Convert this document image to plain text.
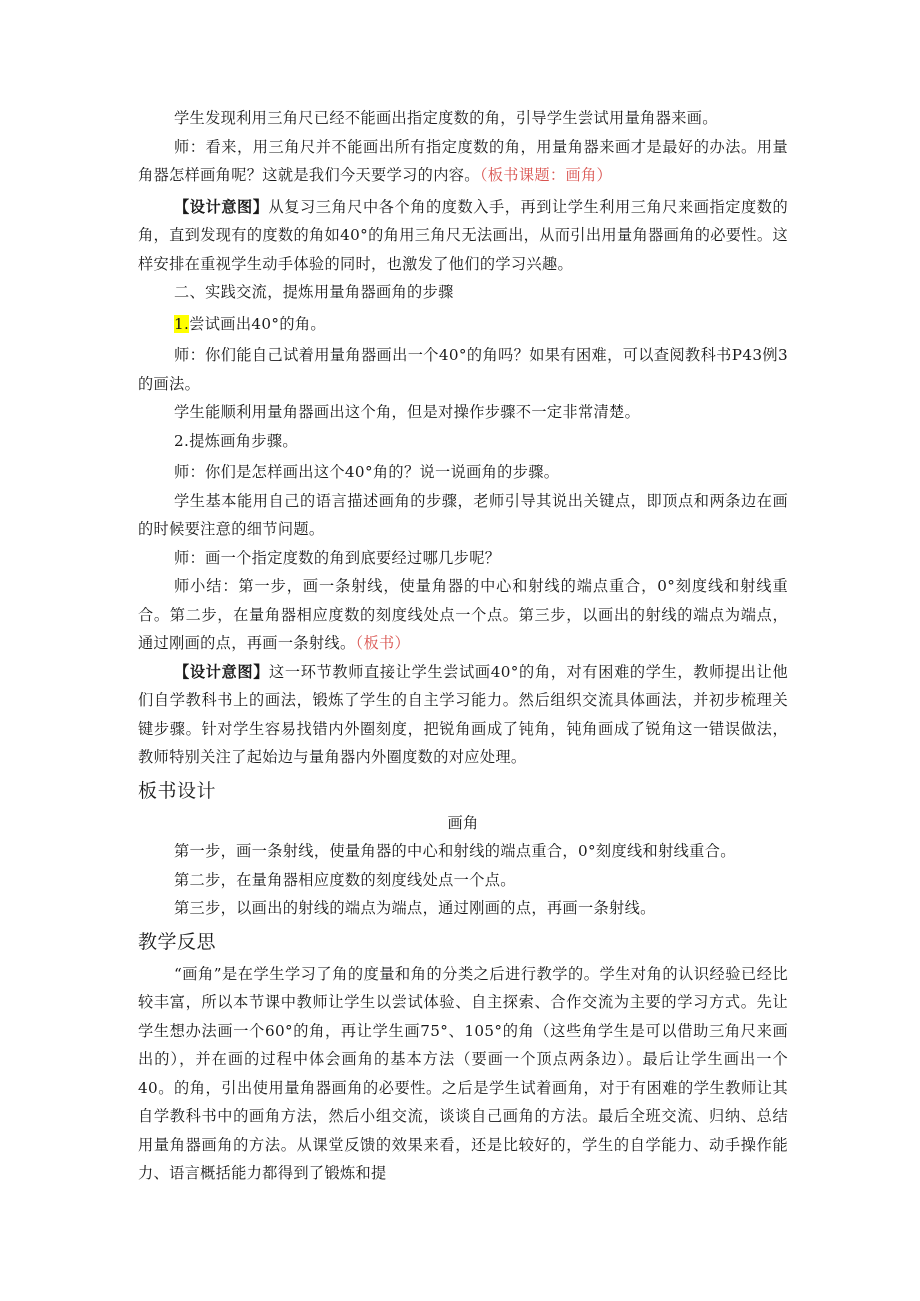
学生发现利用三角尺已经不能画出指定度数的角，引导学生尝试用量角器来画。

师：看来，用三角尺并不能画出所有指定度数的角，用量角器来画才是最好的办法。用量角器怎样画角呢？这就是我们今天要学习的内容。（板书课题：画角）

【设计意图】从复习三角尺中各个角的度数入手，再到让学生利用三角尺来画指定度数的角，直到发现有的度数的角如40°的角用三角尺无法画出，从而引出用量角器画角的必要性。这样安排在重视学生动手体验的同时，也激发了他们的学习兴趣。

二、实践交流，提炼用量角器画角的步骤

1.尝试画出40°的角。

师：你们能自己试着用量角器画出一个40°的角吗？如果有困难，可以查阅教科书P43例3的画法。

学生能顺利用量角器画出这个角，但是对操作步骤不一定非常清楚。

2.提炼画角步骤。

师：你们是怎样画出这个40°角的？说一说画角的步骤。

学生基本能用自己的语言描述画角的步骤，老师引导其说出关键点，即顶点和两条边在画的时候要注意的细节问题。

师：画一个指定度数的角到底要经过哪几步呢？

师小结：第一步，画一条射线，使量角器的中心和射线的端点重合，0°刻度线和射线重合。第二步，在量角器相应度数的刻度线处点一个点。第三步，以画出的射线的端点为端点，通过刚画的点，再画一条射线。（板书）

【设计意图】这一环节教师直接让学生尝试画40°的角，对有困难的学生，教师提出让他们自学教科书上的画法，锻炼了学生的自主学习能力。然后组织交流具体画法，并初步梳理关键步骤。针对学生容易找错内外圈刻度，把锐角画成了钝角，钝角画成了锐角这一错误做法，教师特别关注了起始边与量角器内外圈度数的对应处理。

板书设计

画角

第一步，画一条射线，使量角器的中心和射线的端点重合，0°刻度线和射线重合。

第二步，在量角器相应度数的刻度线处点一个点。

第三步，以画出的射线的端点为端点，通过刚画的点，再画一条射线。

教学反思

“画角”是在学生学习了角的度量和角的分类之后进行教学的。学生对角的认识经验已经比较丰富，所以本节课中教师让学生以尝试体验、自主探索、合作交流为主要的学习方式。先让学生想办法画一个60°的角，再让学生画75°、105°的角（这些角学生是可以借助三角尺来画出的），并在画的过程中体会画角的基本方法（要画一个顶点两条边）。最后让学生画出一个40。的角，引出使用量角器画角的必要性。之后是学生试着画角，对于有困难的学生教师让其自学教科书中的画角方法，然后小组交流，谈谈自己画角的方法。最后全班交流、归纳、总结用量角器画角的方法。从课堂反馈的效果来看，还是比较好的，学生的自学能力、动手操作能力、语言概括能力都得到了锻炼和提
